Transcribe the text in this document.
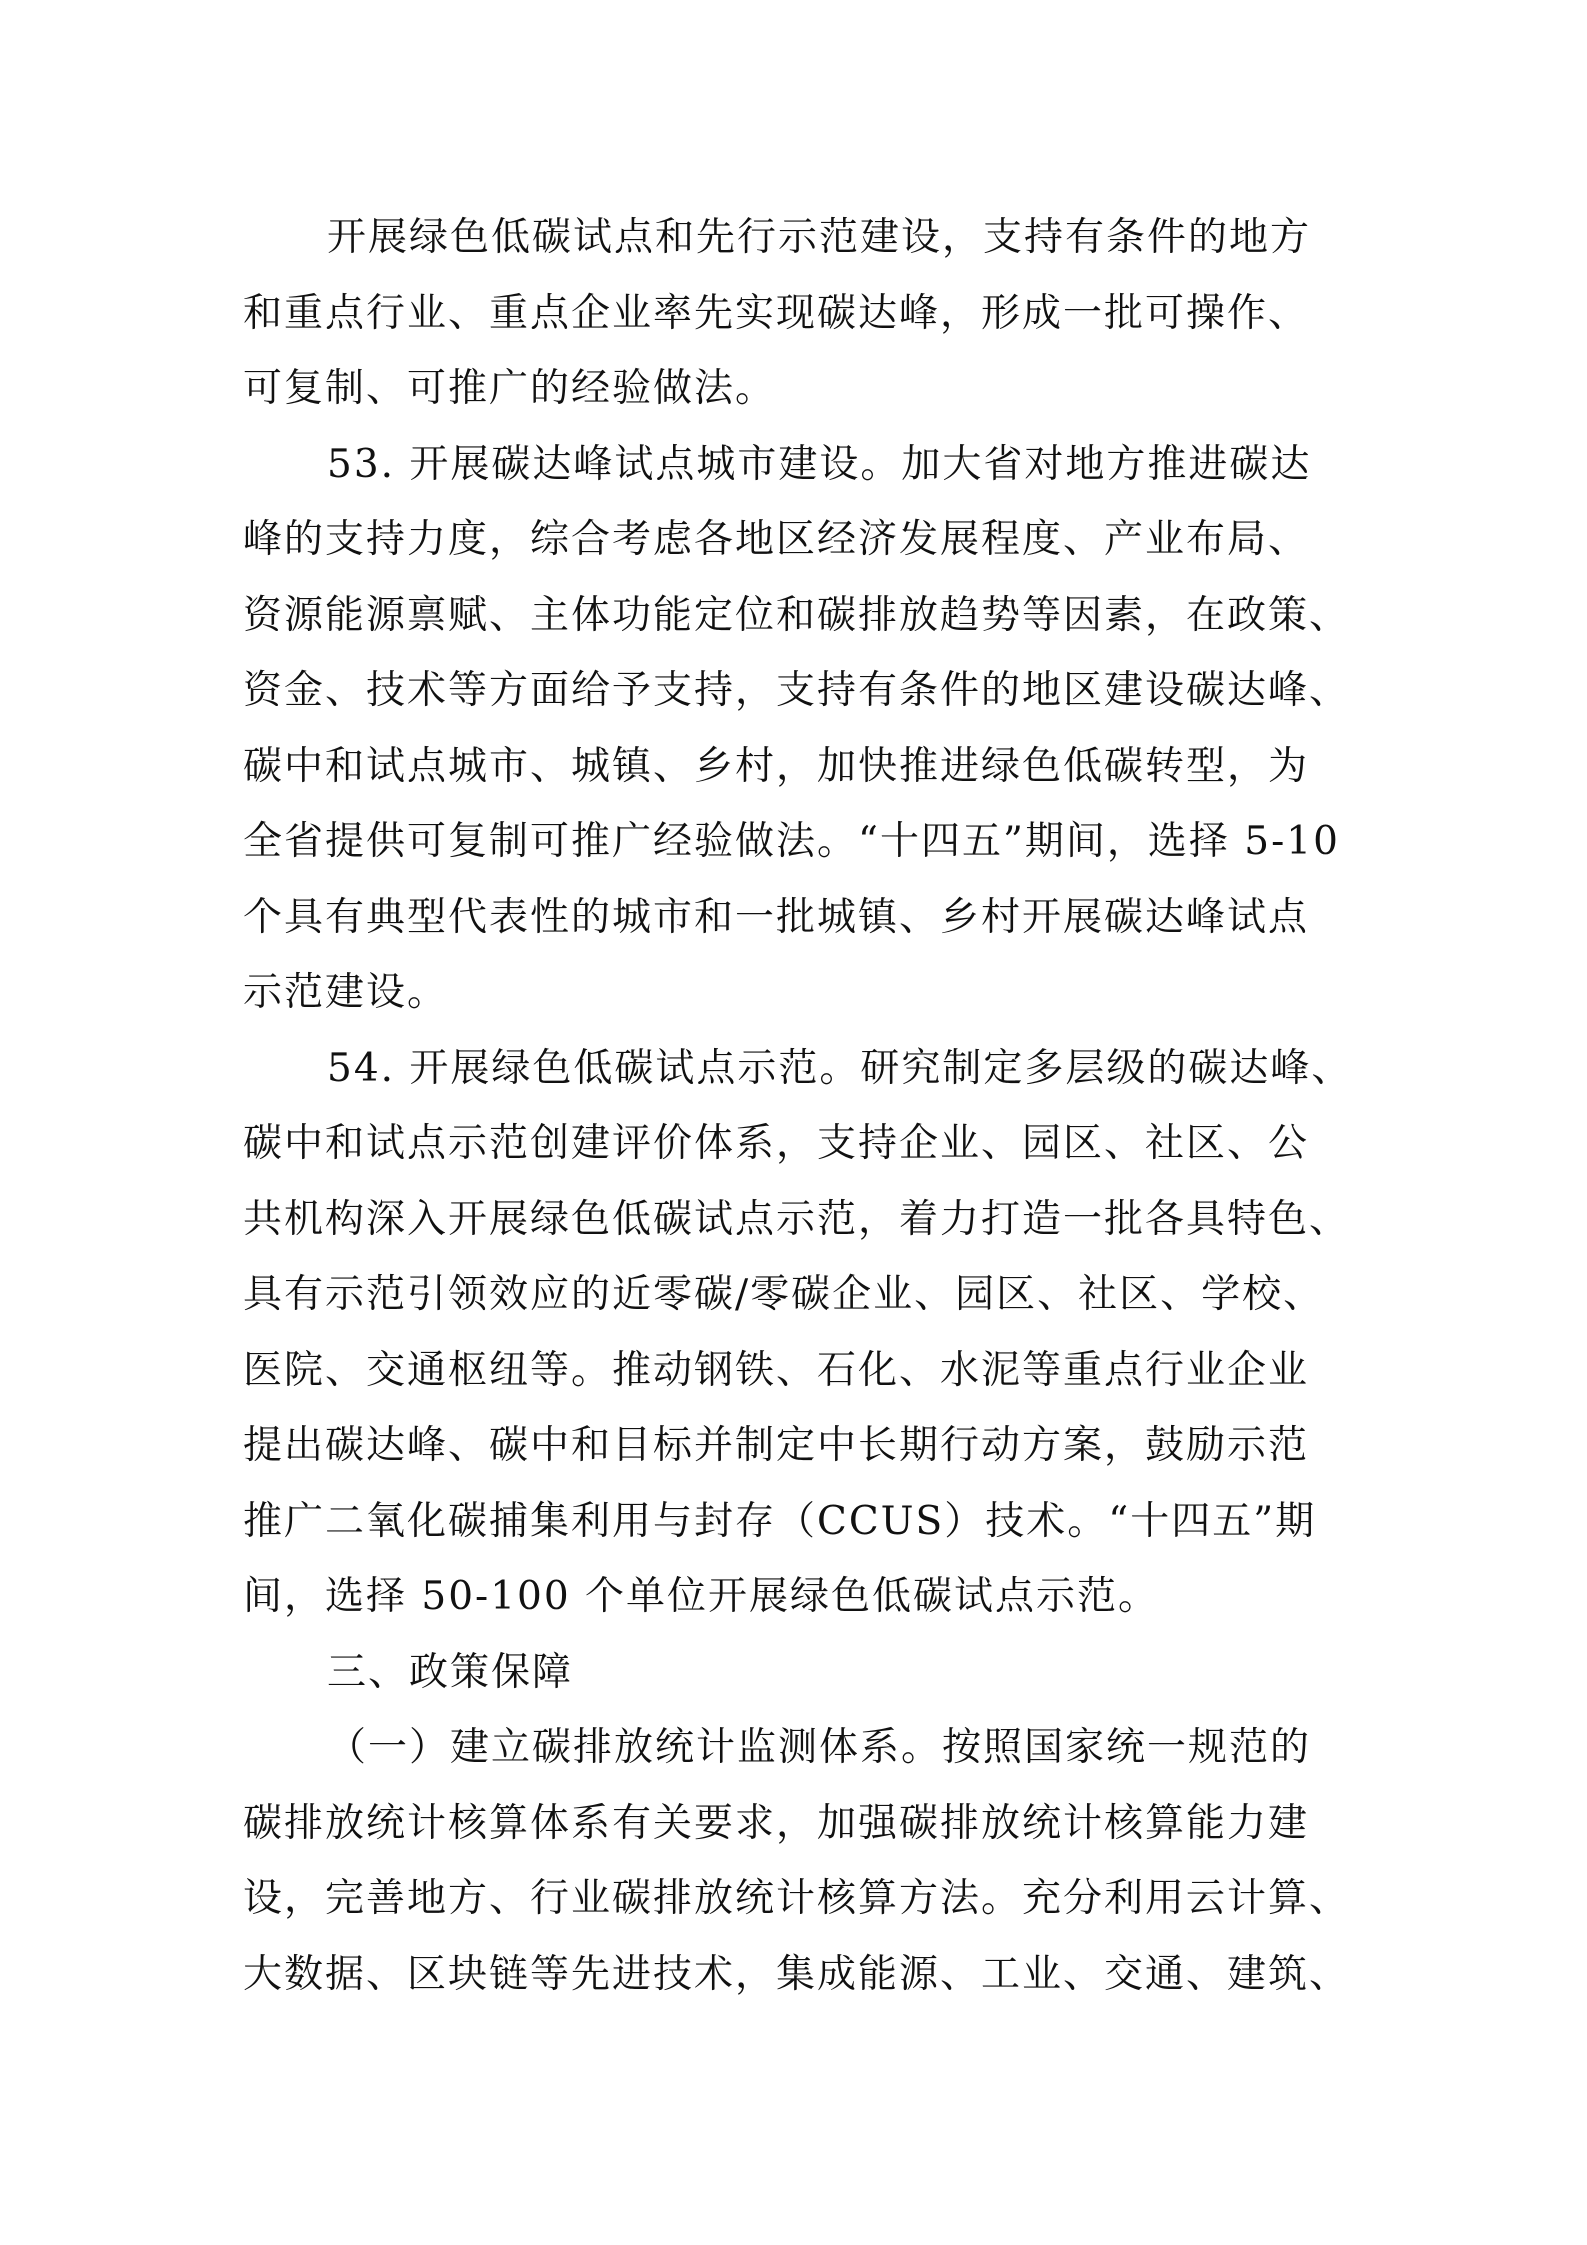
开展绿色低碳试点和先行示范建设，支持有条件的地方
和重点行业、重点企业率先实现碳达峰，形成一批可操作、
可复制、可推广的经验做法。
53. 开展碳达峰试点城市建设。加大省对地方推进碳达
峰的支持力度，综合考虑各地区经济发展程度、产业布局、
资源能源禀赋、主体功能定位和碳排放趋势等因素，在政策、
资金、技术等方面给予支持，支持有条件的地区建设碳达峰、
碳中和试点城市、城镇、乡村，加快推进绿色低碳转型，为
全省提供可复制可推广经验做法。“十四五”期间，选择 5-10
个具有典型代表性的城市和一批城镇、乡村开展碳达峰试点
示范建设。
54. 开展绿色低碳试点示范。研究制定多层级的碳达峰、
碳中和试点示范创建评价体系，支持企业、园区、社区、公
共机构深入开展绿色低碳试点示范，着力打造一批各具特色、
具有示范引领效应的近零碳/零碳企业、园区、社区、学校、
医院、交通枢纽等。推动钢铁、石化、水泥等重点行业企业
提出碳达峰、碳中和目标并制定中长期行动方案，鼓励示范
推广二氧化碳捕集利用与封存（CCUS）技术。“十四五”期
间，选择 50-100 个单位开展绿色低碳试点示范。
三、政策保障
（一）建立碳排放统计监测体系。按照国家统一规范的
碳排放统计核算体系有关要求，加强碳排放统计核算能力建
设，完善地方、行业碳排放统计核算方法。充分利用云计算、
大数据、区块链等先进技术，集成能源、工业、交通、建筑、
